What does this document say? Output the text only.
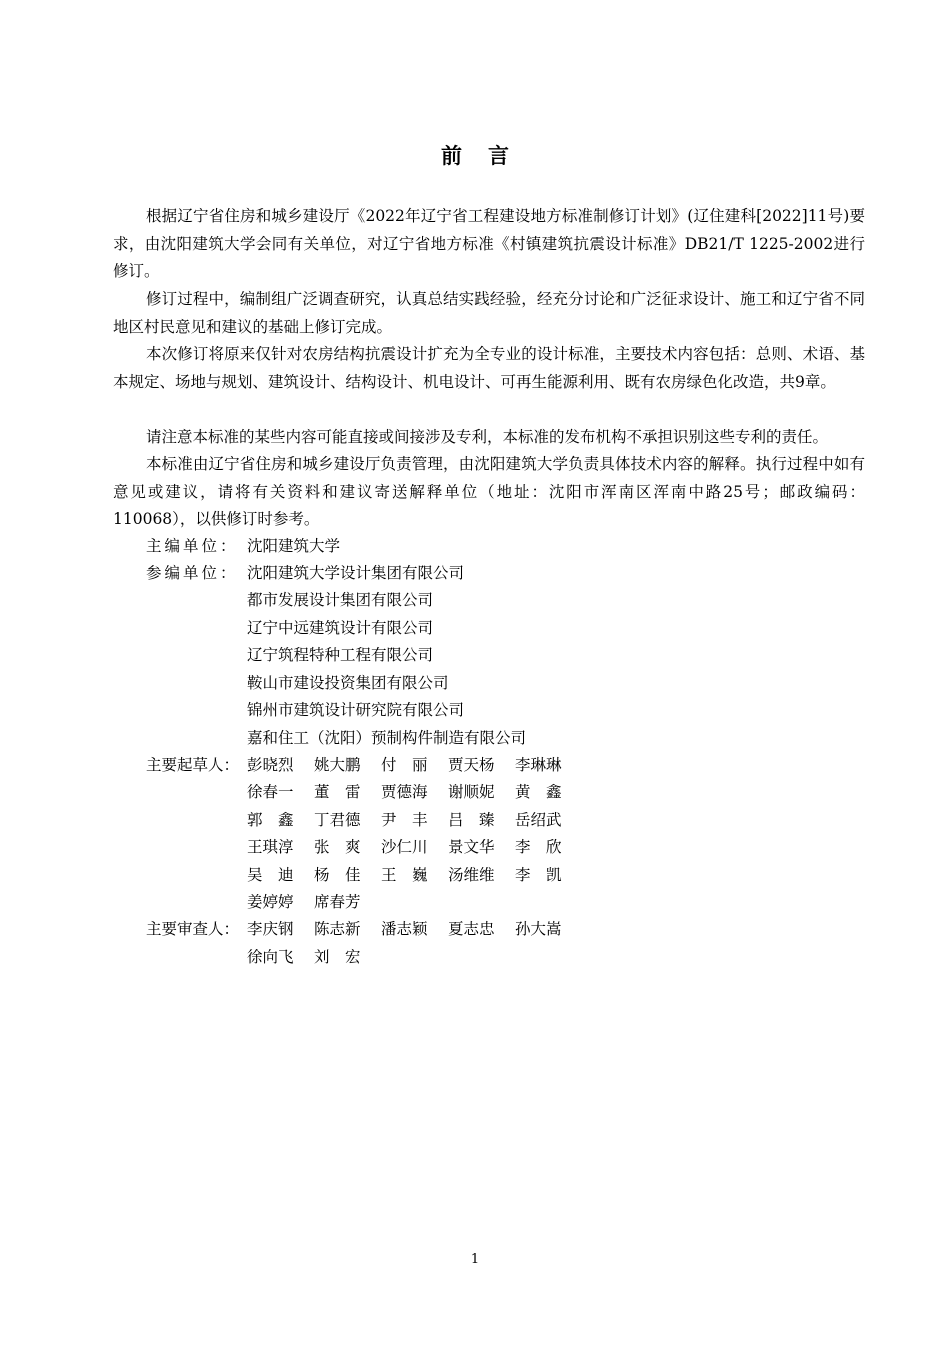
前言

根据辽宁省住房和城乡建设厅《2022年辽宁省工程建设地方标准制修订计划》(辽住建科[2022]11号)要求，由沈阳建筑大学会同有关单位，对辽宁省地方标准《村镇建筑抗震设计标准》DB21/T 1225-2002进行修订。

修订过程中，编制组广泛调查研究，认真总结实践经验，经充分讨论和广泛征求设计、施工和辽宁省不同地区村民意见和建议的基础上修订完成。

本次修订将原来仅针对农房结构抗震设计扩充为全专业的设计标准，主要技术内容包括：总则、术语、基本规定、场地与规划、建筑设计、结构设计、机电设计、可再生能源利用、既有农房绿色化改造，共9章。

请注意本标准的某些内容可能直接或间接涉及专利，本标准的发布机构不承担识别这些专利的责任。

本标准由辽宁省住房和城乡建设厅负责管理，由沈阳建筑大学负责具体技术内容的解释。执行过程中如有意见或建议，请将有关资料和建议寄送解释单位（地址：沈阳市浑南区浑南中路25号；邮政编码：110068），以供修订时参考。

主编单位： 沈阳建筑大学
参编单位： 沈阳建筑大学设计集团有限公司
都市发展设计集团有限公司
辽宁中远建筑设计有限公司
辽宁筑程特种工程有限公司
鞍山市建设投资集团有限公司
锦州市建筑设计研究院有限公司
嘉和住工（沈阳）预制构件制造有限公司
主要起草人： 彭晓烈 姚大鹏 付　丽 贾天杨 李琳琳
徐春一 董　雷 贾德海 谢顺妮 黄　鑫
郭　鑫 丁君德 尹　丰 吕　臻 岳绍武
王琪淳 张　爽 沙仁川 景文华 李　欣
吴　迪 杨　佳 王　巍 汤维维 李　凯
姜婷婷 席春芳
主要审查人： 李庆钢 陈志新 潘志颖 夏志忠 孙大嵩
徐向飞 刘　宏
1
